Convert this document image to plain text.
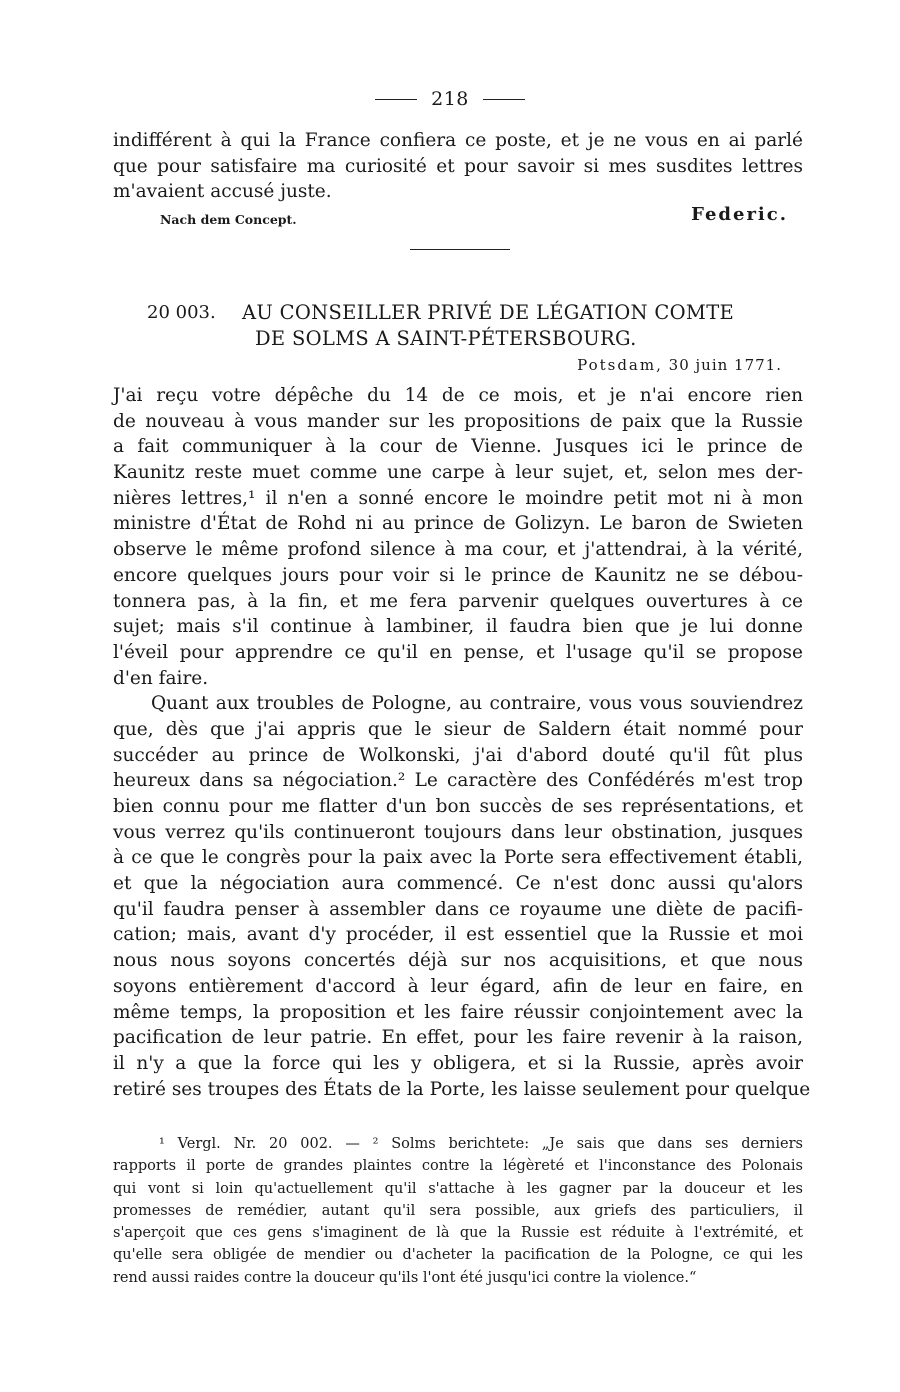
218
indifférent à qui la France confiera ce poste, et je ne vous en ai parlé
que pour satisfaire ma curiosité et pour savoir si mes susdites lettres
m'avaient accusé juste.
Nach dem Concept.	Federic.
20 003. AU CONSEILLER PRIVÉ DE LÉGATION COMTE
DE SOLMS A SAINT-PÉTERSBOURG.
Potsdam, 30 juin 1771.
J'ai reçu votre dépêche du 14 de ce mois, et je n'ai encore rien
de nouveau à vous mander sur les propositions de paix que la Russie
a fait communiquer à la cour de Vienne. Jusques ici le prince de
Kaunitz reste muet comme une carpe à leur sujet, et, selon mes der-
nières lettres,¹ il n'en a sonné encore le moindre petit mot ni à mon
ministre d'État de Rohd ni au prince de Golizyn. Le baron de Swieten
observe le même profond silence à ma cour, et j'attendrai, à la vérité,
encore quelques jours pour voir si le prince de Kaunitz ne se débou-
tonnera pas, à la fin, et me fera parvenir quelques ouvertures à ce
sujet; mais s'il continue à lambiner, il faudra bien que je lui donne
l'éveil pour apprendre ce qu'il en pense, et l'usage qu'il se propose
d'en faire.
Quant aux troubles de Pologne, au contraire, vous vous souviendrez
que, dès que j'ai appris que le sieur de Saldern était nommé pour
succéder au prince de Wolkonski, j'ai d'abord douté qu'il fût plus
heureux dans sa négociation.² Le caractère des Confédérés m'est trop
bien connu pour me flatter d'un bon succès de ses représentations, et
vous verrez qu'ils continueront toujours dans leur obstination, jusques
à ce que le congrès pour la paix avec la Porte sera effectivement établi,
et que la négociation aura commencé. Ce n'est donc aussi qu'alors
qu'il faudra penser à assembler dans ce royaume une diète de pacifi-
cation; mais, avant d'y procéder, il est essentiel que la Russie et moi
nous nous soyons concertés déjà sur nos acquisitions, et que nous
soyons entièrement d'accord à leur égard, afin de leur en faire, en
même temps, la proposition et les faire réussir conjointement avec la
pacification de leur patrie. En effet, pour les faire revenir à la raison,
il n'y a que la force qui les y obligera, et si la Russie, après avoir
retiré ses troupes des États de la Porte, les laisse seulement pour quelque
¹ Vergl. Nr. 20 002. — ² Solms berichtete: „Je sais que dans ses derniers
rapports il porte de grandes plaintes contre la légèreté et l'inconstance des Polonais
qui vont si loin qu'actuellement qu'il s'attache à les gagner par la douceur et les
promesses de remédier, autant qu'il sera possible, aux griefs des particuliers, il
s'aperçoit que ces gens s'imaginent de là que la Russie est réduite à l'extrémité, et
qu'elle sera obligée de mendier ou d'acheter la pacification de la Pologne, ce qui les
rend aussi raides contre la douceur qu'ils l'ont été jusqu'ici contre la violence.“
